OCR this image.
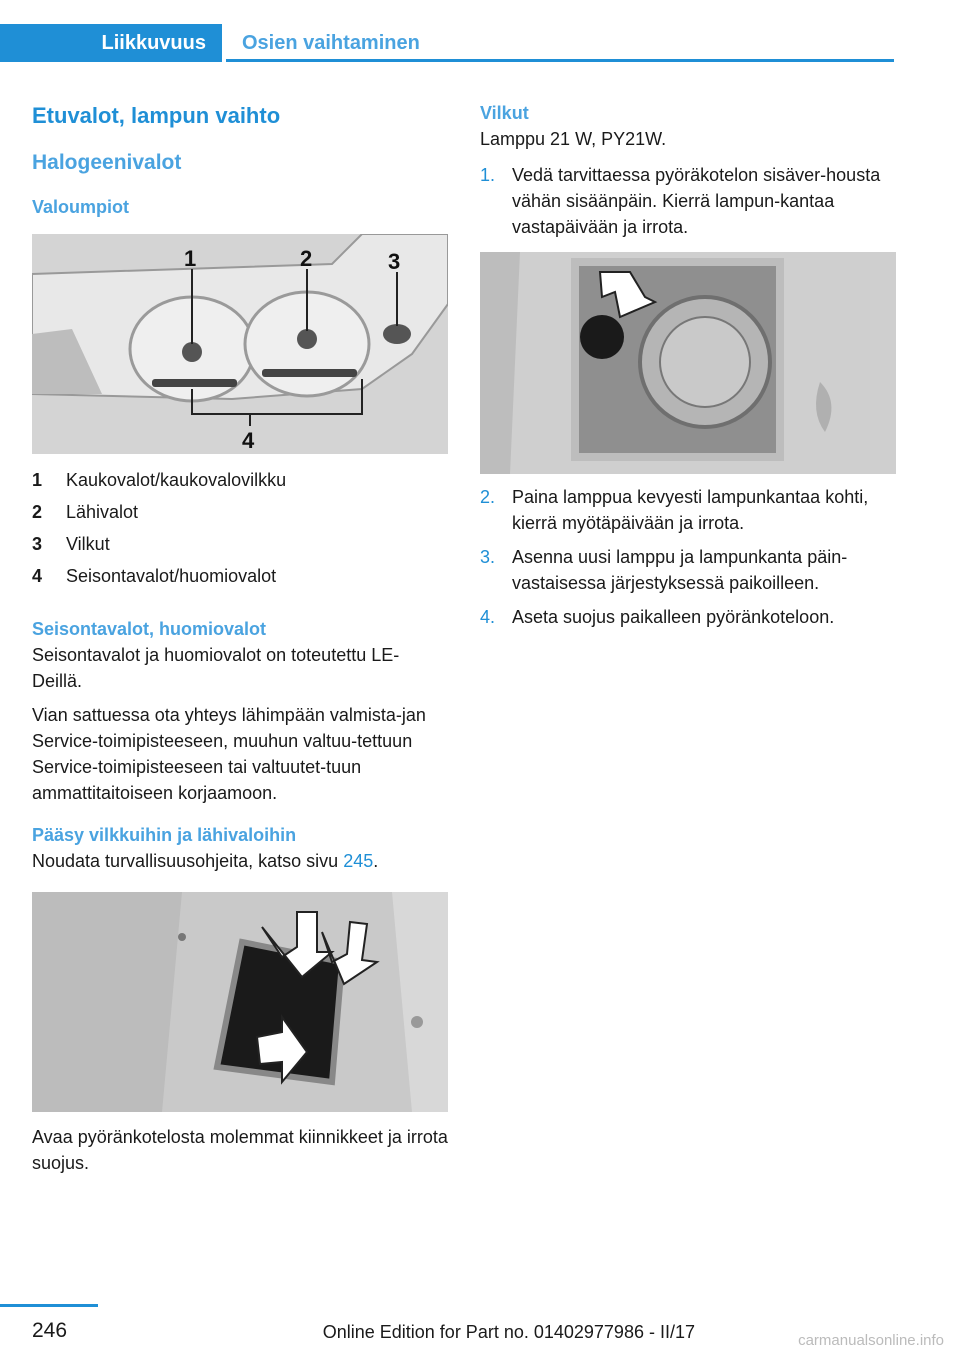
Liikkuvuus	Osien vaihtaminen
Etuvalot, lampun vaihto
Halogeenivalot
Valoumpiot
1	2	3
4
1	Kaukovalot/kaukovalovilkku
2	Lähivalot
3	Vilkut
4	Seisontavalot/huomiovalot
Seisontavalot, huomiovalot

Seisontavalot ja huomiovalot on toteutettu LE‐Deillä.

Vian sattuessa ota yhteys lähimpään valmista‐jan Service-toimipisteeseen, muuhun valtuu‐tettuun Service-toimipisteeseen tai valtuutet‐tuun ammattitaitoiseen korjaamoon.

Pääsy vilkkuihin ja lähivaloihin

Noudata turvallisuusohjeita, katso sivu 245.

Avaa pyöränkotelosta molemmat kiinnikkeet ja irrota suojus.

Vilkut

Lamppu 21 W, PY21W.

1. Vedä tarvittaessa pyöräkotelon sisäver‐housta vähän sisäänpäin. Kierrä lampun‐kantaa vastapäivään ja irrota.
2. Paina lamppua kevyesti lampunkantaa kohti, kierrä myötäpäivään ja irrota.
3. Asenna uusi lamppu ja lampunkanta päin‐vastaisessa järjestyksessä paikoilleen.
4. Aseta suojus paikalleen pyöränkoteloon.
246	Online Edition for Part no. 01402977986 - II/17	carmanualsonline.info
